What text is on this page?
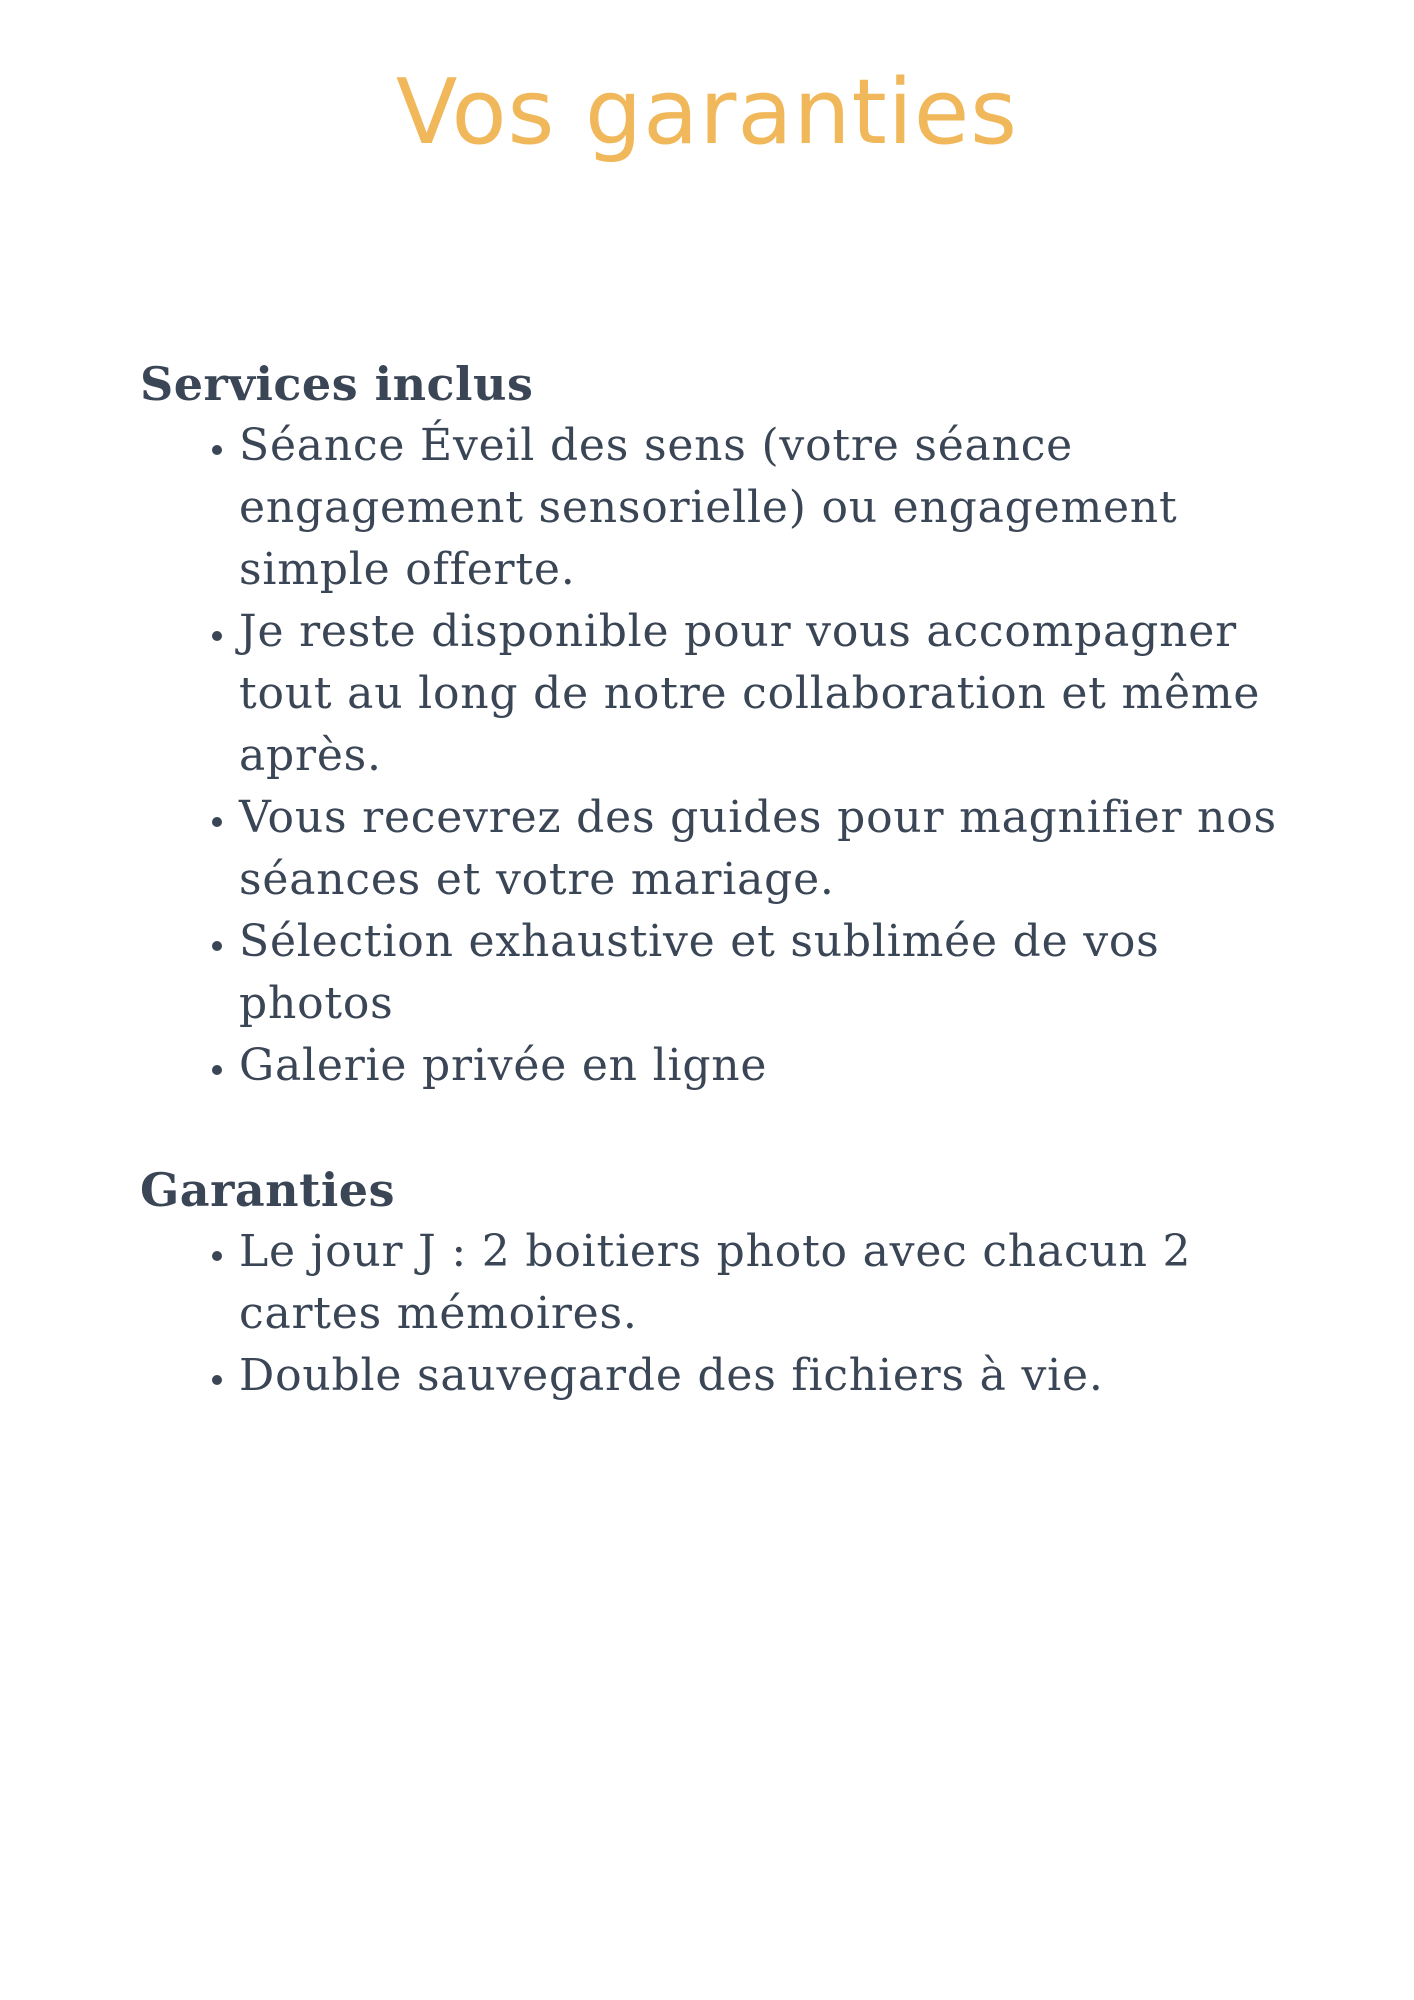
Vos garanties
Services inclus
• Séance Éveil des sens (votre séance engagement sensorielle) ou engagement simple offerte.
• Je reste disponible pour vous accompagner tout au long de notre collaboration et même après.
• Vous recevrez des guides pour magnifier nos séances et votre mariage.
• Sélection exhaustive et sublimée de vos photos
• Galerie privée en ligne
Garanties
• Le jour J : 2 boitiers photo avec chacun 2 cartes mémoires.
• Double sauvegarde des fichiers à vie.
